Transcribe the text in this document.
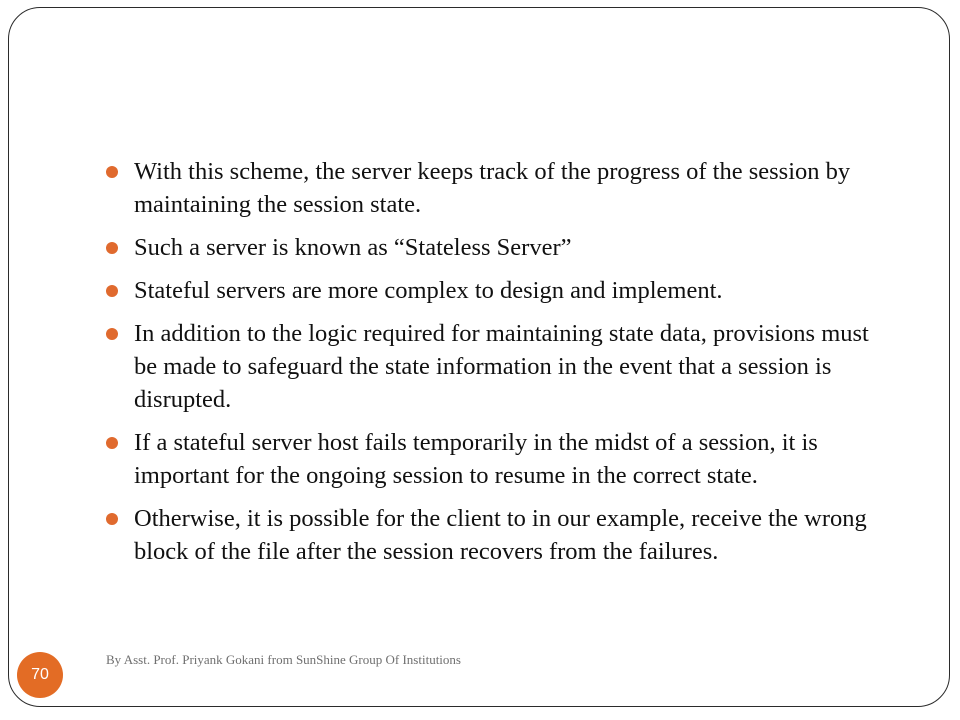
With this scheme, the server keeps track of the progress of the session by maintaining the session state.
Such a server is known as “Stateless Server”
Stateful servers are more complex to design and implement.
In addition to the logic required for maintaining state data, provisions must be made to safeguard the state information in the event that a session is disrupted.
If a stateful server host fails temporarily in the midst of a session, it is important for the ongoing session to resume in the correct state.
Otherwise, it is possible for the client to in our example, receive the wrong block of the file after the session recovers from the failures.
70
By Asst. Prof. Priyank Gokani from SunShine Group Of Institutions
